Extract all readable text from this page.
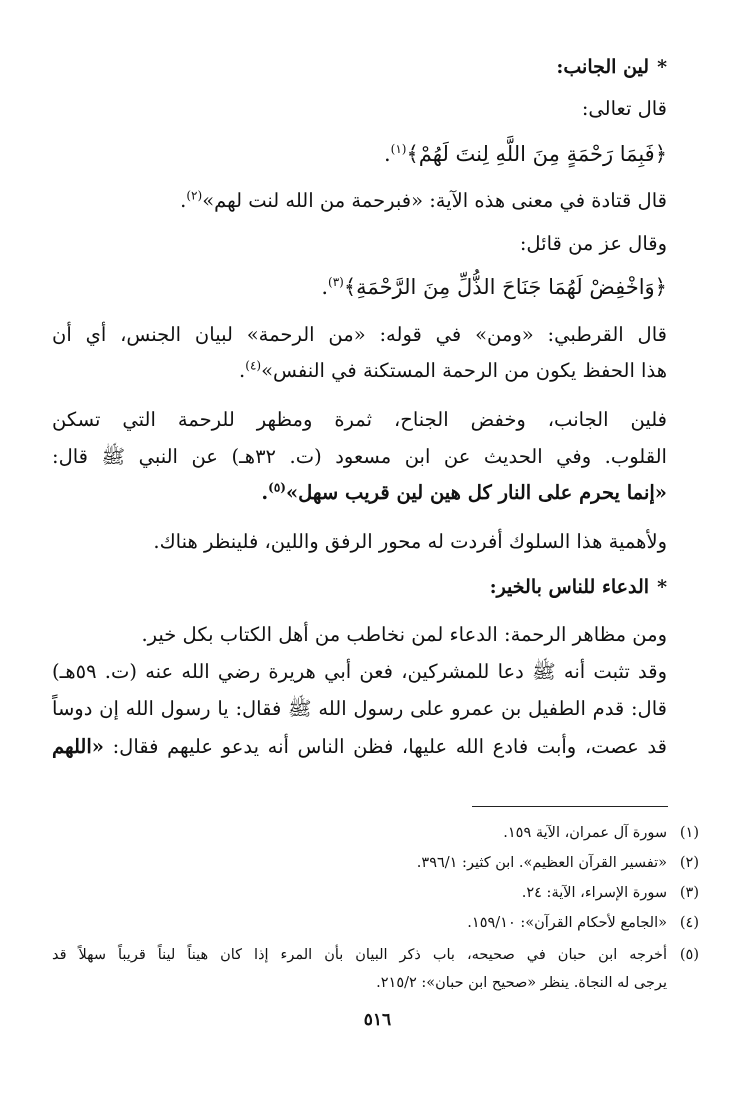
*لين الجانب:
قال تعالى:
﴿فَبِمَا رَحْمَةٍ مِنَ اللَّهِ لِنتَ لَهُمْ﴾$^{(١)}$.
قال قتادة في معنى هذه الآية: «فبرحمة من الله لنت لهم»$^{(٢)}$.
وقال عز من قائل:
﴿وَاخْفِضْ لَهُمَا جَنَاحَ الذُّلِّ مِنَ الرَّحْمَةِ﴾$^{(٣)}$.
قال القرطبي: «ومن» في قوله: «من الرحمة» لبيان الجنس، أي أن
هذا الحفظ يكون من الرحمة المستكنة في النفس»$^{(٤)}$.
فلين الجانب، وخفض الجناح، ثمرة ومظهر للرحمة التي تسكن
القلوب. وفي الحديث عن ابن مسعود (ت. ٣٢هـ) عن النبي ﷺ قال:
«إنما يحرم على النار كل هين لين قريب سهل»$^{(٥)}$.
ولأهمية هذا السلوك أفردت له محور الرفق واللين، فلينظر هناك.
*الدعاء للناس بالخير:
ومن مظاهر الرحمة: الدعاء لمن نخاطب من أهل الكتاب بكل خير.
وقد تثبت أنه ﷺ دعا للمشركين، فعن أبي هريرة رضي الله عنه (ت. ٥٩هـ)
قال: قدم الطفيل بن عمرو على رسول الله ﷺ فقال: يا رسول الله إن دوساً
قد عصت، وأبت فادع الله عليها، فظن الناس أنه يدعو عليهم فقال: «اللهم
(١)
سورة آل عمران، الآية ١٥٩.
(٢)
«تفسير القرآن العظيم». ابن كثير: ٣٩٦/١.
(٣)
سورة الإسراء، الآية: ٢٤.
(٤)
«الجامع لأحكام القرآن»: ١٥٩/١٠.
(٥)
أخرجه ابن حبان في صحيحه، باب ذكر البيان بأن المرء إذا كان هيناً ليناً قريباً سهلاً قد
يرجى له النجاة. ينظر «صحيح ابن حبان»: ٢١٥/٢.
٥١٦
